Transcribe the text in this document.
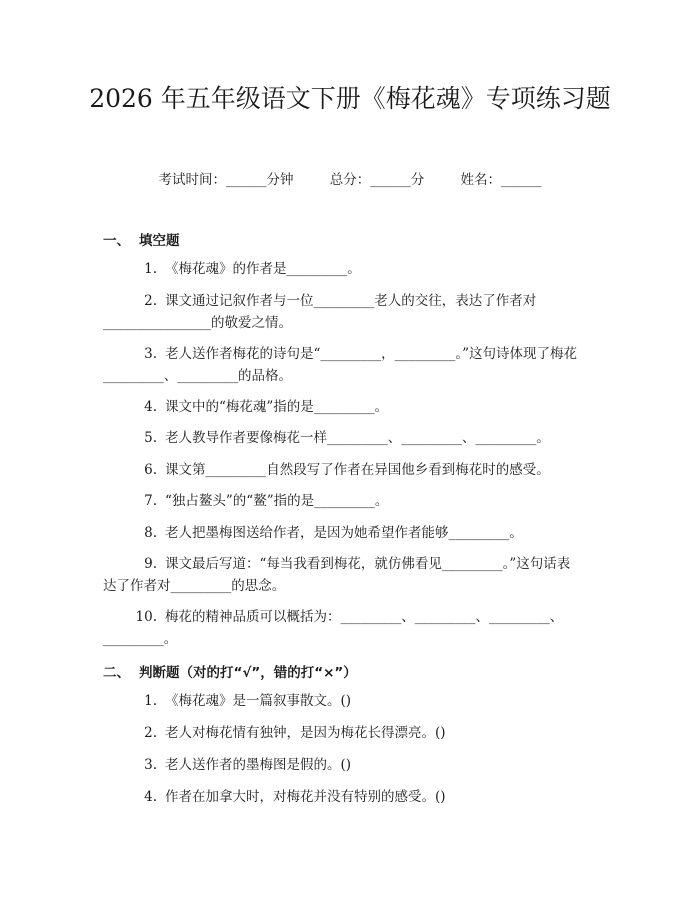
2026 年五年级语文下册《梅花魂》专项练习题
考试时间：______分钟	总分：______分	姓名：______
一、 填空题
1. 《梅花魂》的作者是_________。
2. 课文通过记叙作者与一位_________老人的交往，表达了作者对
________________的敬爱之情。
3. 老人送作者梅花的诗句是“_________，_________。”这句诗体现了梅花
_________、_________的品格。
4. 课文中的“梅花魂”指的是_________。
5. 老人教导作者要像梅花一样_________、_________、_________。
6. 课文第_________自然段写了作者在异国他乡看到梅花时的感受。
7. “独占鳌头”的“鳌”指的是_________。
8. 老人把墨梅图送给作者，是因为她希望作者能够_________。
9. 课文最后写道：“每当我看到梅花，就仿佛看见_________。”这句话表
达了作者对_________的思念。
10. 梅花的精神品质可以概括为：_________、_________、_________、
_________。
二、 判断题（对的打“√”，错的打“×”）
1. 《梅花魂》是一篇叙事散文。()
2. 老人对梅花情有独钟，是因为梅花长得漂亮。()
3. 老人送作者的墨梅图是假的。()
4. 作者在加拿大时，对梅花并没有特别的感受。()
